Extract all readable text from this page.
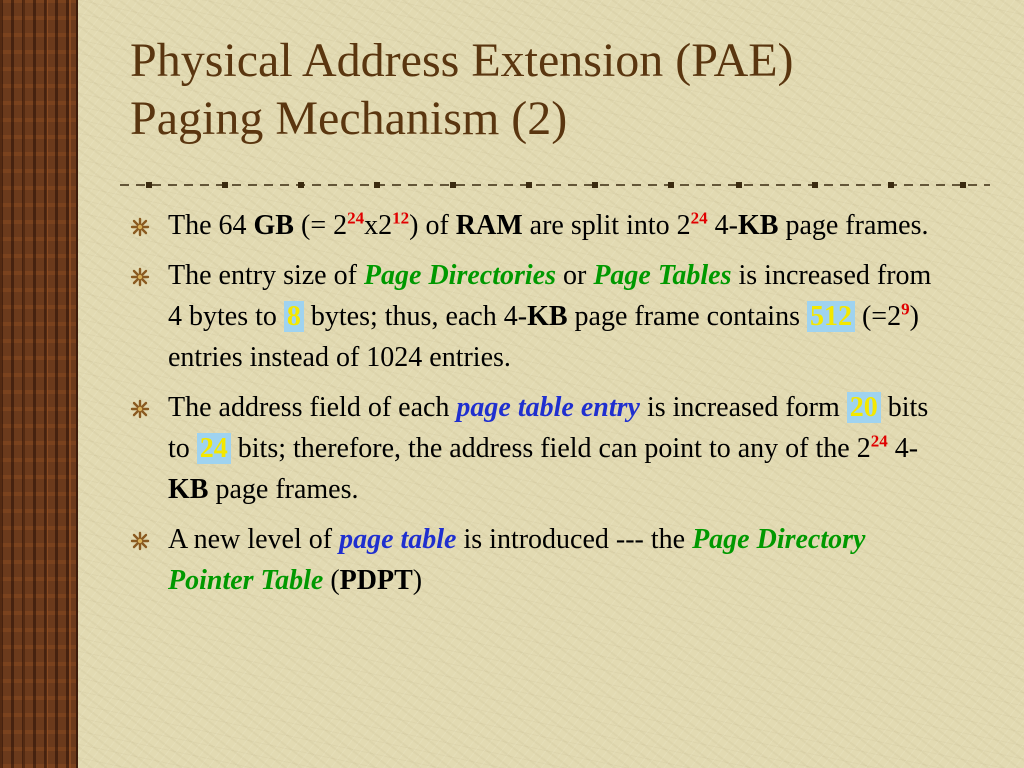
Physical Address Extension (PAE)
Paging Mechanism (2)
The 64 GB (= $2^{24}x2^{12}$) of RAM are split into $2^{24}$ 4-KB page frames.
The entry size of Page Directories or Page Tables is increased from 4 bytes to 8 bytes; thus, each 4-KB page frame contains 512 $(=2^9)$ entries instead of 1024 entries.
The address field of each page table entry is increased form 20 bits to 24 bits; therefore, the address field can point to any of the $2^{24}$ 4-KB page frames.
A new level of page table is introduced --- the Page Directory Pointer Table (PDPT)
